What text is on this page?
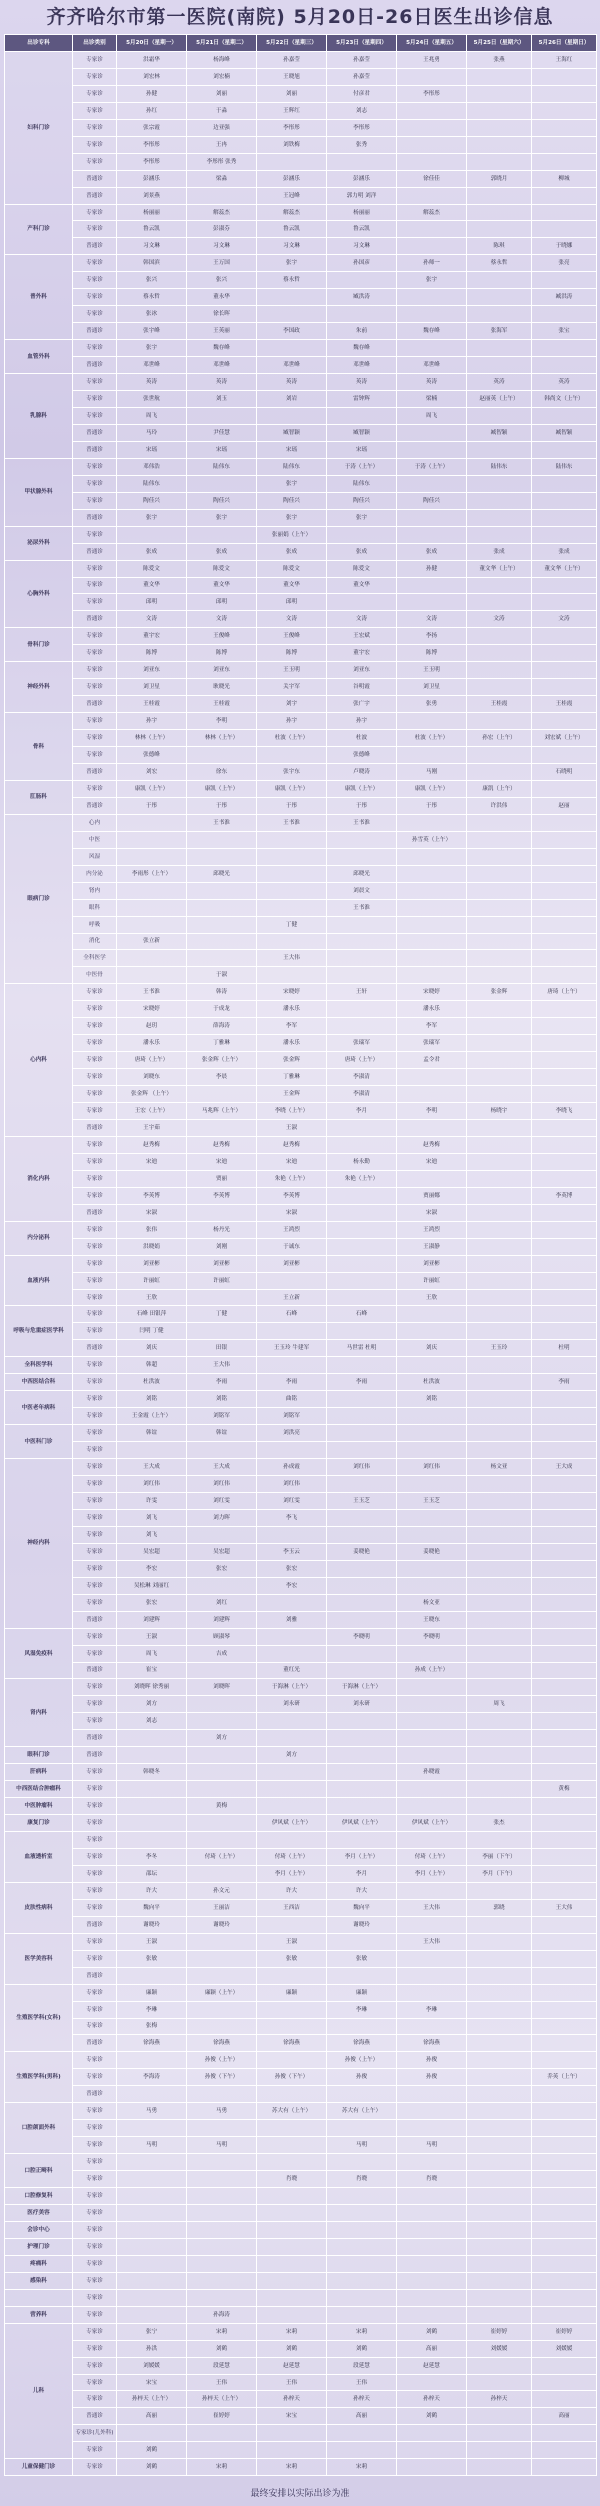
齐齐哈尔市第一医院(南院) 5月20日-26日医生出诊信息
出诊专科	出诊类别	5月20日（星期一）	5月21日（星期二）	5月22日（星期三）	5月23日（星期四）	5月24日（星期五）	5月25日（星期六）	5月26日（星期日）
妇科门诊	专家诊	洪霜华	杨海峰	孙嘉莹	孙嘉莹	王兆勇	张燕	王海红
	专家诊	刘宏林	刘宏楠	王晓旭	孙嘉莹			
	专家诊	孙健	刘丽	刘丽	付彦君	李彤彤		
	专家诊	孙红	于淼	王辉红	刘志			
	专家诊	张宗霞	边亚强	李彤彤	李彤彤			
	专家诊	李彤彤	王冉	刘铁梅	张秀			
	专家诊	李彤彤	李彤彤 张秀					
	普通诊	彭涵乐	梁淼	彭涵乐	彭涵乐	徐佳佳	郭晓月	柳城
	普通诊	刘景燕		王冠峰	郭力明 刘洋			
产科门诊	专家诊	杨丽丽	解蕊杰	解蕊杰	杨丽丽	解蕊杰		
	专家诊	鲁云凯	彭淑芬	鲁云凯	鲁云凯			
	普通诊	习文琳	习文琳	习文琳	习文琳		陈琪	于晓娜
普外科	专家诊	韩国滨	王万国	张宇	孙国彦	孙师一	蔡永哲	张亮
	专家诊	张兴	张兴	蔡永哲		张宇		
	专家诊	蔡永哲	董永华		臧洪涛			臧洪涛
	专家诊	张冰	徐长晖					
	普通诊	张宇峰	王英丽	李国政	朱前	魏存峰	张海军	张宝
血管外科	专家诊	张宇	魏存峰		魏存峰			
	普通诊	邓世峰	邓世峰	邓世峰	邓世峰	邓世峰		
乳腺科	专家诊	英涛	英涛	英涛	英涛	英涛	英涛	英涛
	专家诊	张世航	刘玉	刘岩	雷钟辉	梁楠	赵丽英（上午）	韩尚文（上午）
	专家诊	周飞				周飞		
	普通诊	马玲	尹佳慧	臧智颖	臧智颖		臧智颖	臧智颖
	普通诊	宋瑶	宋瑶	宋瑶	宋瑶			
甲状腺外科	专家诊	邓伟浩	陆伟东	陆伟东	于涛（上午）	于涛（上午）	陆伟东	陆伟东
	专家诊	陆伟东		张宇	陆伟东			
	专家诊	陶佳兴	陶佳兴	陶佳兴	陶佳兴	陶佳兴		
	普通诊	张宇	张宇	张宇	张宇			
泌尿外科	专家诊			张丽娟（上午）				
	普通诊	张成	张成	张成	张成	张成	张成	张成
心胸外科	专家诊	陈爱文	陈爱文	陈爱文	陈爱文	孙健	董文华（上午）	董文华（上午）
	专家诊	董文华	董文华	董文华	董文华			
	专家诊	邱明	邱明	邱明				
	普通诊	文涛	文涛	文涛	文涛	文涛	文涛	文涛
骨科门诊	专家诊	董宇宏	王俊峰	王俊峰	王宏斌	李扬		
	专家诊	陈博	陈博	陈博	董宇宏	陈博		
神经外科	专家诊	刘亚东	刘亚东	王玉明	刘亚东	王玉明		
	专家诊	刘卫星	耿晓光	关宇军	谷明霞	刘卫星		
	普通诊	王桂霞	王桂霞	刘宇	张广宇	张勇	王桂霞	王桂霞
骨科	专家诊	孙宇	李明	孙宇	孙宇			
	专家诊	林林（上午）	林林（上午）	杜波（上午）	杜波	杜波（上午）	孙宏（上午）	刘宏斌（上午）
	专家诊	张德峰			张德峰			
	普通诊	刘宏	徐东	张宇东	卢晓涛	马刚		石晓明
肛肠科	专家诊	康凯（上午）	康凯（上午）	康凯（上午）	康凯（上午）	康凯（上午）	康凯（上午）	
	普通诊	于彤	于彤	于彤	于彤	于彤	许洪伟	赵丽
眼病门诊	心内		王书淮	王书淮	王书淮			
	中医					孙雪英（上午）		
	风湿							
	内分泌	李雨彤（上午）	邱晓光		邱晓光			
	肾内				刘晨文			
	眼科				王书淮			
	呼吸			丁健				
	消化	张立新						
	全科医学			王大伟				
	中医骨		于淑					
心内科	专家诊	王书淮	韩涛	宋晓婷	王轩	宋晓婷	张金辉	唐琦（上午）
	专家诊	宋晓婷	于成龙	潘永乐		潘永乐		
	专家诊	赵玥	薛海涛	李军		李军		
	专家诊	潘永乐	丁雅琳	潘永乐	张瑞军	张瑞军		
	专家诊	唐琦（上午）	张金辉（上午）	张金辉	唐琦（上午）	孟令君		
	专家诊	刘晓东	李晨	丁雅琳	李淑清			
	专家诊	张金辉 （上午）		王金辉	李淑清			
	专家诊	王宏（上午）	马兆辉（上午）	李晓（上午）	李月	李明	杨晓宇	李晓飞
	普通诊	王宇茹		王淑				
消化内科	专家诊	赵秀梅	赵秀梅	赵秀梅		赵秀梅		
	专家诊	宋迪	宋迪	宋迪	杨永勤	宋迪		
	专家诊		贾丽	朱艳（上午）	朱艳（上午）			
	专家诊	李英博	李英博	李英博		贾丽娜		李英博
	普通诊	宋淑		宋淑		宋淑		
内分泌科	专家诊	张伟	杨丹光	王鸿烈		王鸿烈		
	专家诊	洪晓娟	刘刚	于诚东		王淑静		
血液内科	专家诊	刘亚彬	刘亚彬	刘亚彬		刘亚彬		
	专家诊	许丽虹	许丽虹			许丽虹		
	专家诊	王欣		王立新		王欣		
呼吸与危重症医学科	专家诊	石峰 田银萍	丁健	石峰	石峰			
	专家诊	闫明 丁健						
	普通诊	刘庆	田银	王玉玲 牛建军	马世雷 杜明	刘庆	王玉玲	杜明
全科医学科	专家诊	韩超	王大伟					
中西医结合科	专家诊	杜洪波	李雨	李雨	李雨	杜洪波		李雨
中医老年病科	专家诊	刘铭	刘铭	曲铭		刘铭		
	专家诊	王金霞（上午）	刘铭军	刘铭军				
中医科门诊	专家诊	韩谊	韩谊	刘洪亮				
	专家诊							
神经内科	专家诊	王大成	王大成	孙成霞	刘红伟	刘红伟	杨文亚	王大成
	专家诊	刘红伟	刘红伟	刘红伟				
	专家诊	许雯	刘红雯	刘红雯	王玉芝	王玉芝		
	专家诊	刘飞	刘力晖	李飞				
	专家诊	刘飞						
	专家诊	吴宏超	吴宏超	李玉云	姜晓艳	姜晓艳		
	专家诊	李宏	张宏	张宏				
	专家诊	吴松琳 刘丽红		李宏				
	专家诊	张宏	刘红			杨文亚		
	普通诊	刘建辉	刘建辉	刘雅		王晓东		
风湿免疫科	专家诊	王淑	顾淑琴		李晓明	李晓明		
	专家诊	周飞	吉成					
	普通诊	崔宝		董红光		孙成（上午）		
肾内科	专家诊	刘晓晖 徐秀丽	刘晓晖	于海淋（上午）	于海淋（上午）			
	专家诊	刘方		刘永研	刘永研		周飞	
	专家诊	刘志						
	普通诊		刘方					
眼科门诊	普通诊			刘方				
肝病科	专家诊	韩晓冬				孙晓霞		
中西医结合肿瘤科	专家诊							黄梅
中医肿瘤科	专家诊		黄梅					
康复门诊	专家诊			伊风斌（上午）	伊风斌（上午）	伊风斌（上午）	张杰	
血液透析室	专家诊							
	专家诊	李冬	付琦（上午）	付琦（上午）	李月（上午）	付琦（上午）	李丽（下午）	
	专家诊	邵坛		李月（上午）	李月	李月（上午）	李月（下午）	
皮肤性病科	专家诊	许大	孙文元	许大	许大			
	专家诊	魏向平	王丽洁	王西洁	魏向平	王大伟	郭晓	王大伟
	普通诊	谢晓玲	谢晓玲		谢晓玲			
医学美容科	专家诊	王淑		王淑		王大伟		
	专家诊	张敏		张敏	张敏			
	普通诊							
生殖医学科(女科)	专家诊	廉颖	廉颖（上午）	廉颖	廉颖			
	专家诊	李琳			李琳	李琳		
	专家诊	张梅						
	普通诊	徐海燕	徐海燕	徐海燕	徐海燕	徐海燕		
生殖医学科(男科)	专家诊		孙俊（上午）		孙俊（上午）	孙俊		
	专家诊	李海涛	孙俊（下午）	孙俊（下午）	孙俊	孙俊		乔英（上午）
	普通诊							
口腔颌面外科	专家诊	马勇	马勇	苏大有（上午）	苏大有（上午）			
	专家诊							
	专家诊	马明	马明		马明	马明		
口腔正畸科	专家诊							
	专家诊			肖晓	肖晓	肖晓		
口腔修复科	专家诊							
医疗美容	专家诊							
会诊中心	专家诊							
护理门诊	专家诊							
疼痛科	专家诊							
感染科	专家诊							
	专家诊							
营养科	专家诊		孙海涛					
儿科	专家诊	张宁	宋莉	宋莉	宋莉	刘鹤	崔婷婷	崔婷婷
	专家诊	孙洪	刘鹤	刘鹤	刘鹤	高丽	刘媛媛	刘媛媛
	专家诊	刘媛媛	段延慧	赵延慧	段延慧	赵延慧		
	专家诊	宋宝	王伟	王伟	王伟			
	专家诊	孙梓天（上午）	孙梓天（上午）	孙梓天	孙梓天	孙梓天	孙梓天	
	普通诊	高丽	崔婷婷	宋宝	高丽	刘鹤		高丽
	专家诊(儿外科)							
	专家诊	刘鹤						
儿童保健门诊	专家诊	刘鹤	宋莉	宋莉	宋莉			
最终安排以实际出诊为准
